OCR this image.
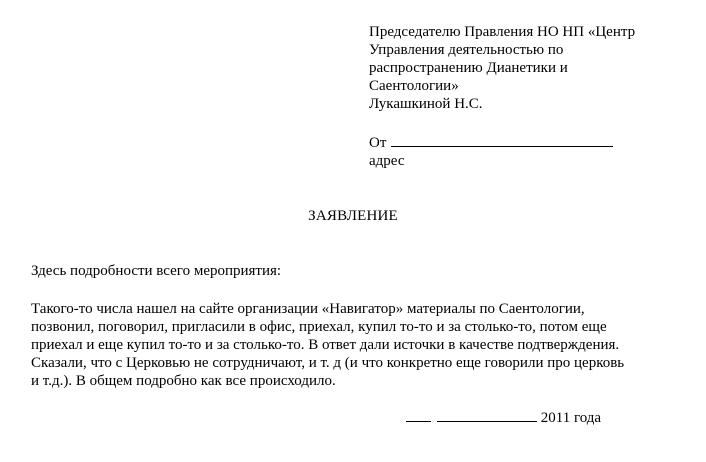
Председателю Правления НО НП «Центр
Управления деятельностью по
распространению Дианетики и
Саентологии»
Лукашкиной Н.С.
От
адрес
ЗАЯВЛЕНИЕ
Здесь подробности всего мероприятия:
Такого-то числа нашел на сайте организации «Навигатор» материалы по Саентологии,
позвонил, поговорил, пригласили в офис, приехал, купил то-то и за столько-то, потом еще
приехал и еще купил то-то и за столько-то. В ответ дали источки в качестве подтверждения.
Сказали, что с Церковью не сотрудничают, и т. д (и что конкретно еще говорили про церковь
и т.д.). В общем подробно как все происходило.
2011 года
